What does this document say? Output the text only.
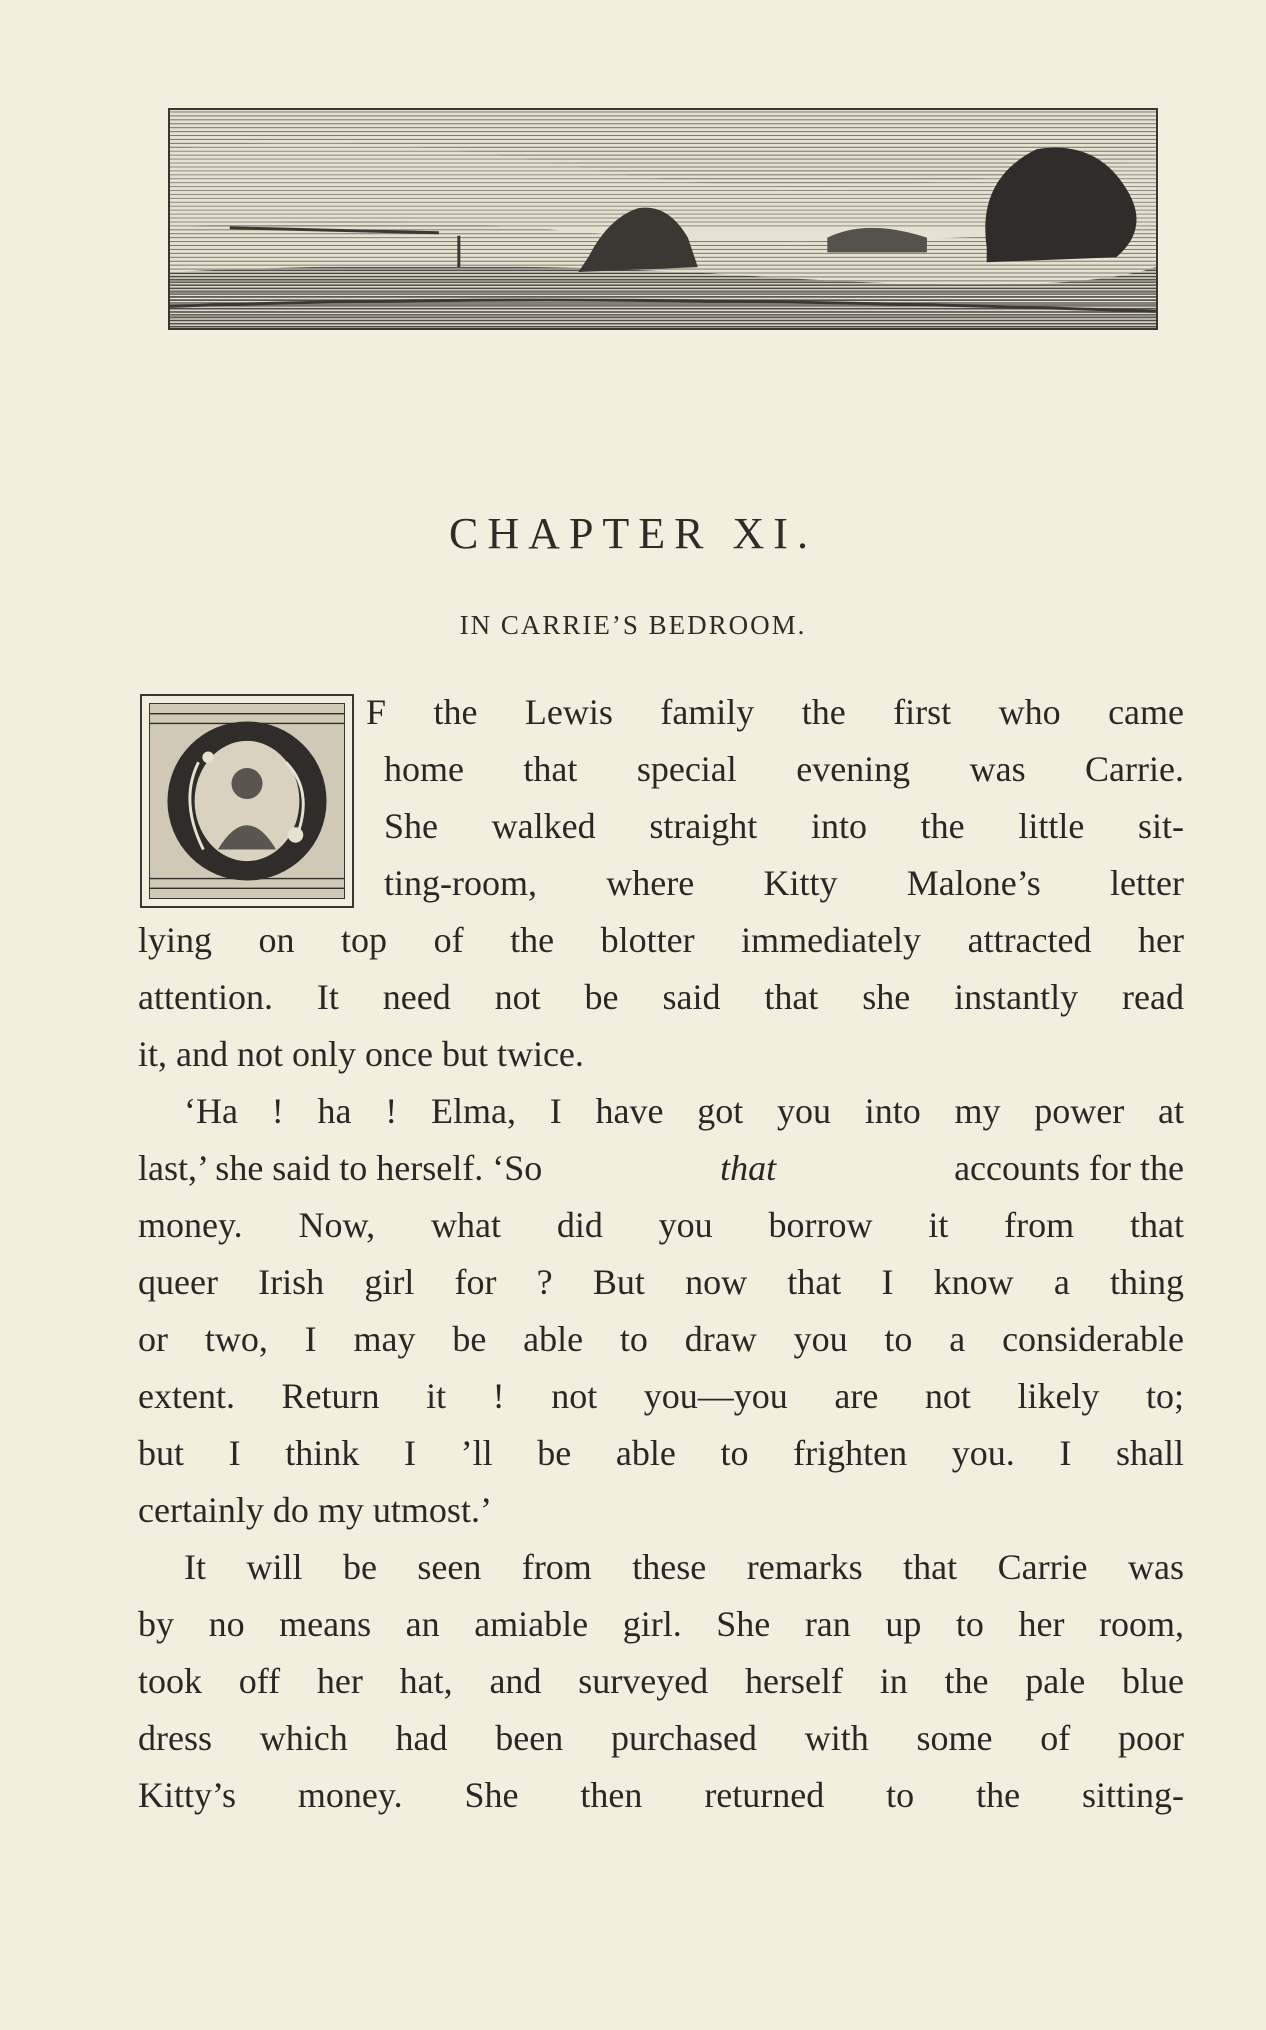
CHAPTER XI.
IN CARRIE’S BEDROOM.
F the Lewis family the first who came
home that special evening was Carrie.
She walked straight into the little sit-
ting-room, where Kitty Malone’s letter
lying on top of the blotter immediately attracted her
attention. It need not be said that she instantly read
it, and not only once but twice.
‘Ha ! ha ! Elma, I have got you into my power at
last,’ she said to herself. ‘So	that	accounts for the
money. Now, what did you borrow it from that
queer Irish girl for ? But now that I know a thing
or two, I may be able to draw you to a considerable
extent. Return it ! not you—you are not likely to;
but I think I ’ll be able to frighten you. I shall
certainly do my utmost.’
It will be seen from these remarks that Carrie was
by no means an amiable girl. She ran up to her room,
took off her hat, and surveyed herself in the pale blue
dress which had been purchased with some of poor
Kitty’s money. She then returned to the sitting-
